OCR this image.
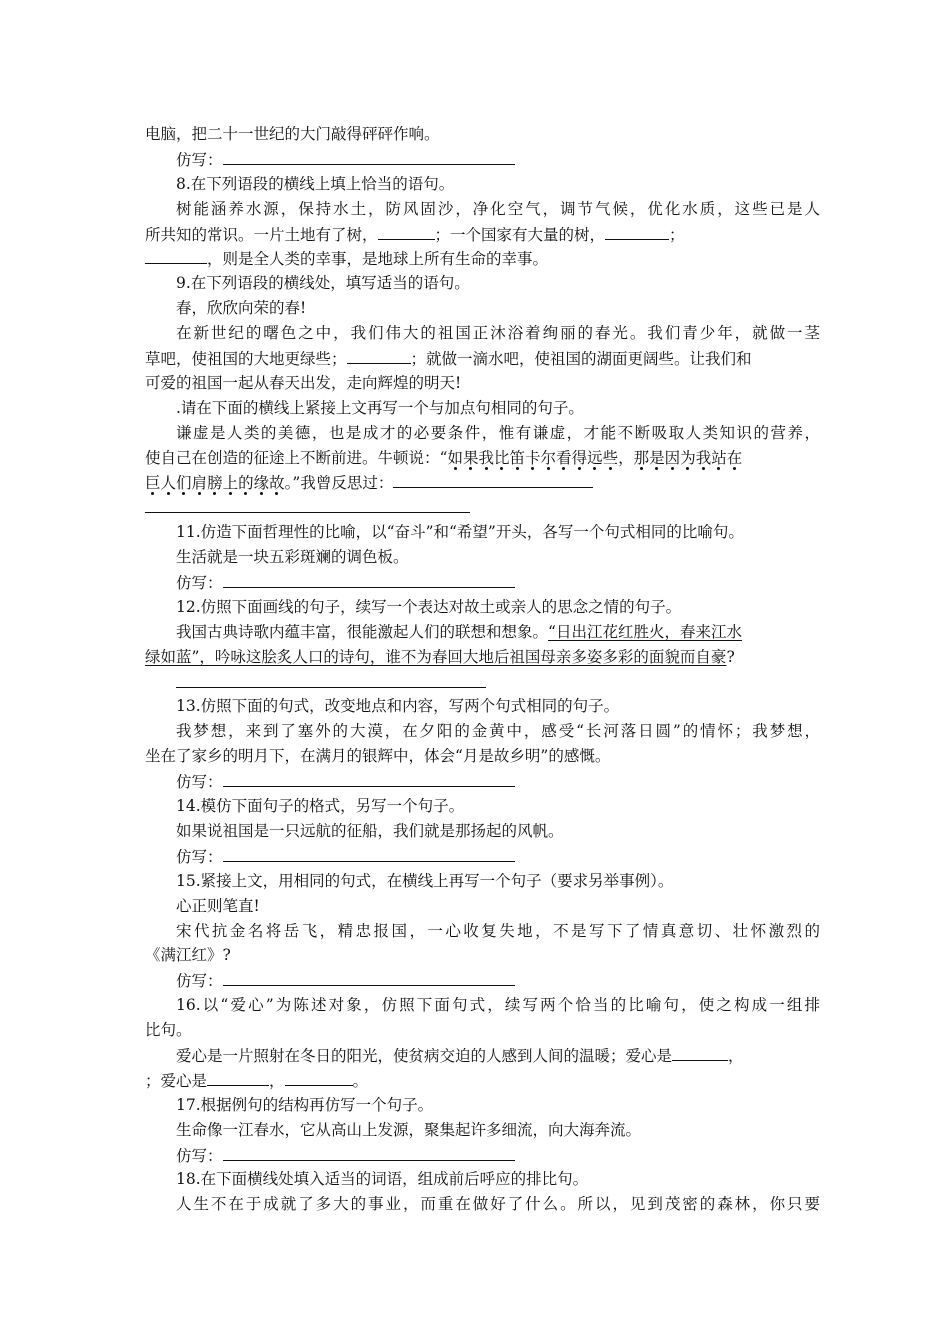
电脑，把二十一世纪的大门敲得砰砰作响。
仿写：
8.在下列语段的横线上填上恰当的语句。
树能涵养水源，保持水土，防风固沙，净化空气，调节气候，优化水质，这些已是人
所共知的常识。一片土地有了树，	；一个国家有大量的树，	；
，则是全人类的幸事，是地球上所有生命的幸事。
9.在下列语段的横线处，填写适当的语句。
春，欣欣向荣的春!
在新世纪的曙色之中，我们伟大的祖国正沐浴着绚丽的春光。我们青少年，就做一茎
草吧，使祖国的大地更绿些；	；就做一滴水吧，使祖国的湖面更阔些。让我们和
可爱的祖国一起从春天出发，走向辉煌的明天!
.请在下面的横线上紧接上文再写一个与加点句相同的句子。
谦虚是人类的美德，也是成才的必要条件，惟有谦虚，才能不断吸取人类知识的营养，
使自己在创造的征途上不断前进。牛顿说：“如果我比笛卡尔看得远些，那是因为我站在
巨人们肩膀上的缘故。”我曾反思过：
11.仿造下面哲理性的比喻，以“奋斗”和“希望”开头，各写一个句式相同的比喻句。
生活就是一块五彩斑斓的调色板。
仿写：
12.仿照下面画线的句子，续写一个表达对故土或亲人的思念之情的句子。
我国古典诗歌内蕴丰富，很能激起人们的联想和想象。“日出江花红胜火，春来江水
绿如蓝”，吟咏这脍炙人口的诗句，谁不为春回大地后祖国母亲多姿多彩的面貌而自豪?
13.仿照下面的句式，改变地点和内容，写两个句式相同的句子。
我梦想，来到了塞外的大漠，在夕阳的金黄中，感受“长河落日圆”的情怀；我梦想，
坐在了家乡的明月下，在满月的银辉中，体会“月是故乡明”的感慨。
仿写：
14.模仿下面句子的格式，另写一个句子。
如果说祖国是一只远航的征船，我们就是那扬起的风帆。
仿写：
15.紧接上文，用相同的句式，在横线上再写一个句子（要求另举事例）。
心正则笔直!
宋代抗金名将岳飞，精忠报国，一心收复失地，不是写下了情真意切、壮怀激烈的
《满江红》?
仿写：
16.以“爱心”为陈述对象，仿照下面句式，续写两个恰当的比喻句，使之构成一组排
比句。
爱心是一片照射在冬日的阳光，使贫病交迫的人感到人间的温暖；爱心是	，
；爱心是	，	。
17.根据例句的结构再仿写一个句子。
生命像一江春水，它从高山上发源，聚集起许多细流，向大海奔流。
仿写：
18.在下面横线处填入适当的词语，组成前后呼应的排比句。
人生不在于成就了多大的事业，而重在做好了什么。所以，见到茂密的森林，你只要
